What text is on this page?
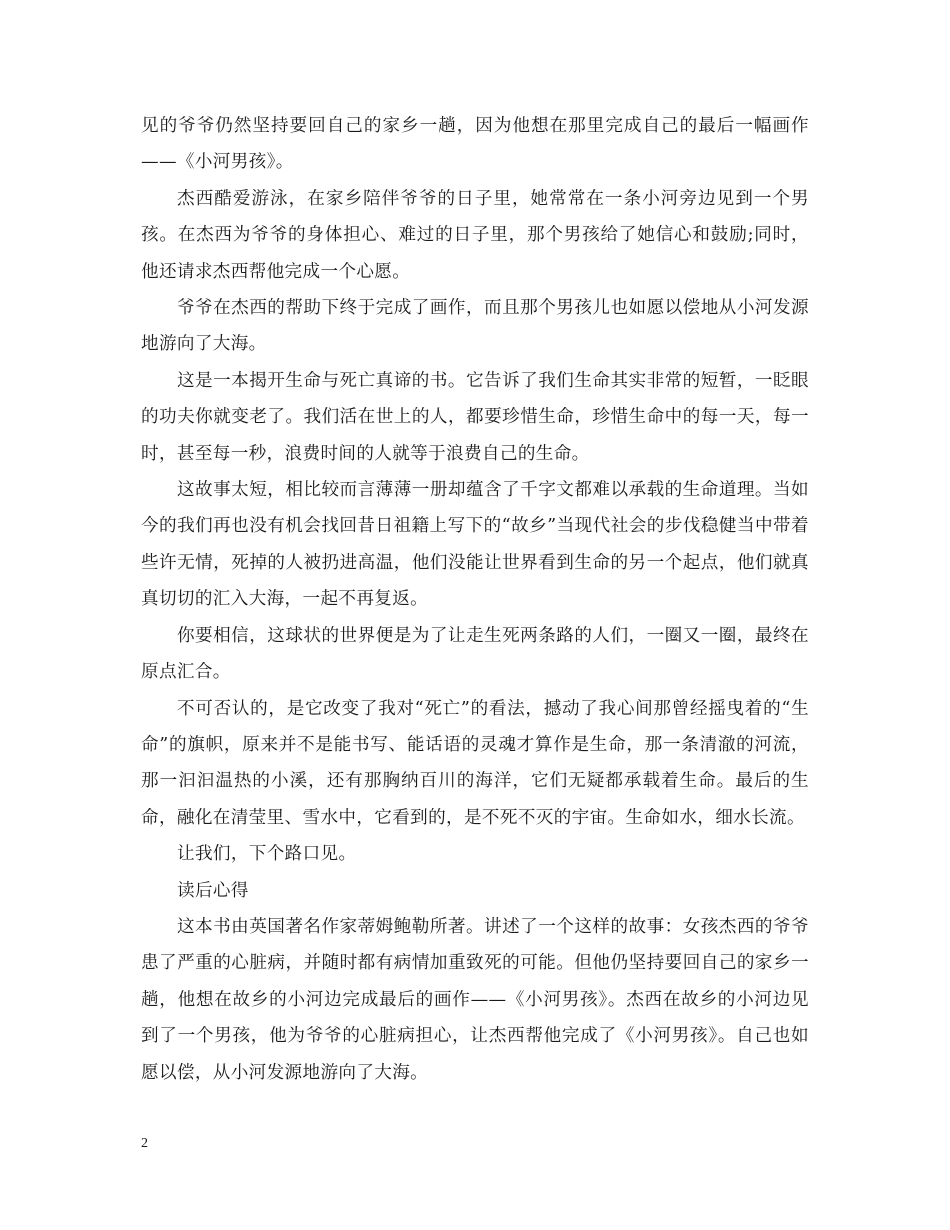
见的爷爷仍然坚持要回自己的家乡一趟，因为他想在那里完成自己的最后一幅画作——《小河男孩》。

杰西酷爱游泳，在家乡陪伴爷爷的日子里，她常常在一条小河旁边见到一个男孩。在杰西为爷爷的身体担心、难过的日子里，那个男孩给了她信心和鼓励;同时，他还请求杰西帮他完成一个心愿。

爷爷在杰西的帮助下终于完成了画作，而且那个男孩儿也如愿以偿地从小河发源地游向了大海。

这是一本揭开生命与死亡真谛的书。它告诉了我们生命其实非常的短暂，一眨眼的功夫你就变老了。我们活在世上的人，都要珍惜生命，珍惜生命中的每一天，每一时，甚至每一秒，浪费时间的人就等于浪费自己的生命。

这故事太短，相比较而言薄薄一册却蕴含了千字文都难以承载的生命道理。当如今的我们再也没有机会找回昔日祖籍上写下的“故乡”当现代社会的步伐稳健当中带着些许无情，死掉的人被扔进高温，他们没能让世界看到生命的另一个起点，他们就真真切切的汇入大海，一起不再复返。

你要相信，这球状的世界便是为了让走生死两条路的人们，一圈又一圈，最终在原点汇合。

不可否认的，是它改变了我对“死亡”的看法，撼动了我心间那曾经摇曳着的“生命”的旗帜，原来并不是能书写、能话语的灵魂才算作是生命，那一条清澈的河流，那一汩汩温热的小溪，还有那胸纳百川的海洋，它们无疑都承载着生命。最后的生命，融化在清莹里、雪水中，它看到的，是不死不灭的宇宙。生命如水，细水长流。

让我们，下个路口见。

读后心得

这本书由英国著名作家蒂姆鲍勒所著。讲述了一个这样的故事：女孩杰西的爷爷患了严重的心脏病，并随时都有病情加重致死的可能。但他仍坚持要回自己的家乡一趟，他想在故乡的小河边完成最后的画作——《小河男孩》。杰西在故乡的小河边见到了一个男孩，他为爷爷的心脏病担心，让杰西帮他完成了《小河男孩》。自己也如愿以偿，从小河发源地游向了大海。

2
